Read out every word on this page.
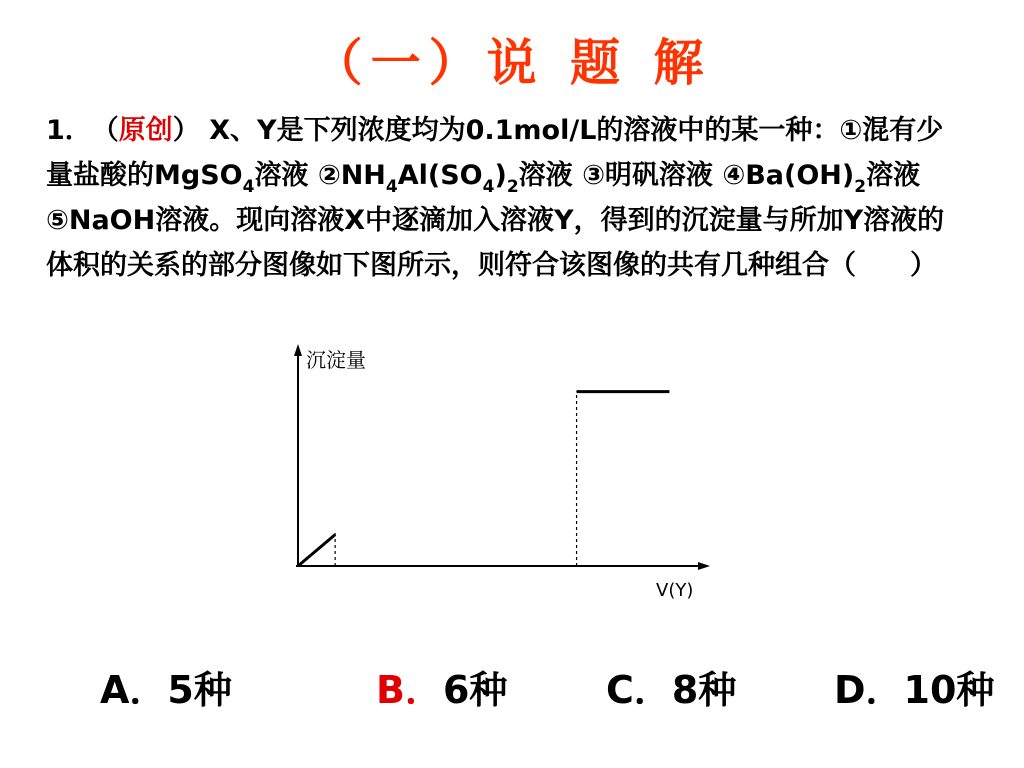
（一）说 题 解
1．　 （原创） X、Y是下列浓度均为0.1mol/L的溶液中的某一种：①混有少量盐酸的MgSO$_4$溶液 $②NH_4Al(SO_4)_2$溶液 ③明矾溶液 $④Ba(OH)_2$溶液 ⑤NaOH溶液。现向溶液X中逐滴加入溶液Y，得到的沉淀量与所加Y溶液的体积的关系的部分图像如下图所示，则符合该图像的共有几种组合（　　）
沉淀量
V(Y)
A．5种	B．6种	C．8种	D．10种
